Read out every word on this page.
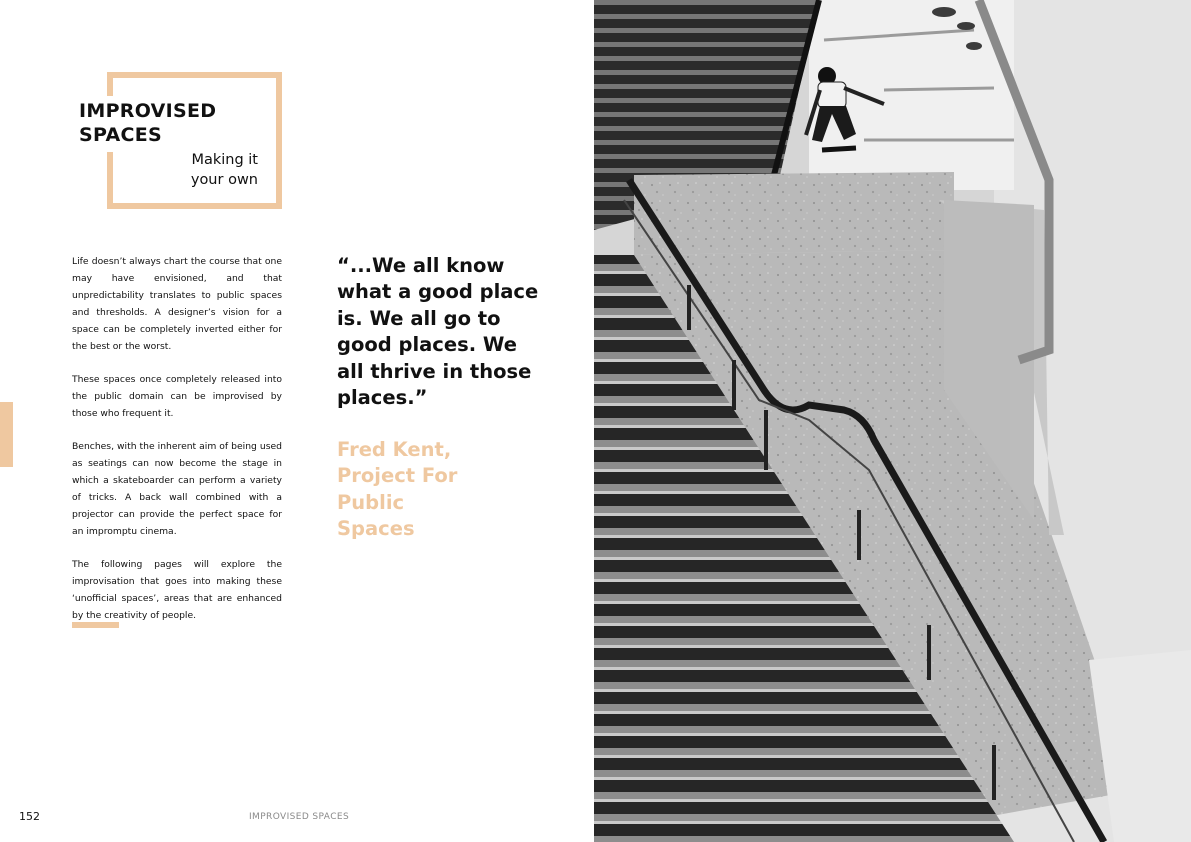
IMPROVISED
SPACES
Making it
your own

Life doesn’t always chart the course that one may have envisioned, and that unpredictability translates to public spaces and thresholds. A designer’s vision for a space can be completely inverted either for the best or the worst.

These spaces once completely released into the public domain can be improvised by those who frequent it.

Benches, with the inherent aim of being used as seatings can now become the stage in which a skateboarder can perform a variety of tricks. A back wall combined with a projector can provide the perfect space for an impromptu cinema.

The following pages will explore the improvisation that goes into making these ‘unofficial spaces’, areas that are enhanced by the creativity of people.

“...We all know what a good place is. We all go to good places. We all thrive in those places.”
Fred Kent, Project For Public Spaces
152	IMPROVISED SPACES
